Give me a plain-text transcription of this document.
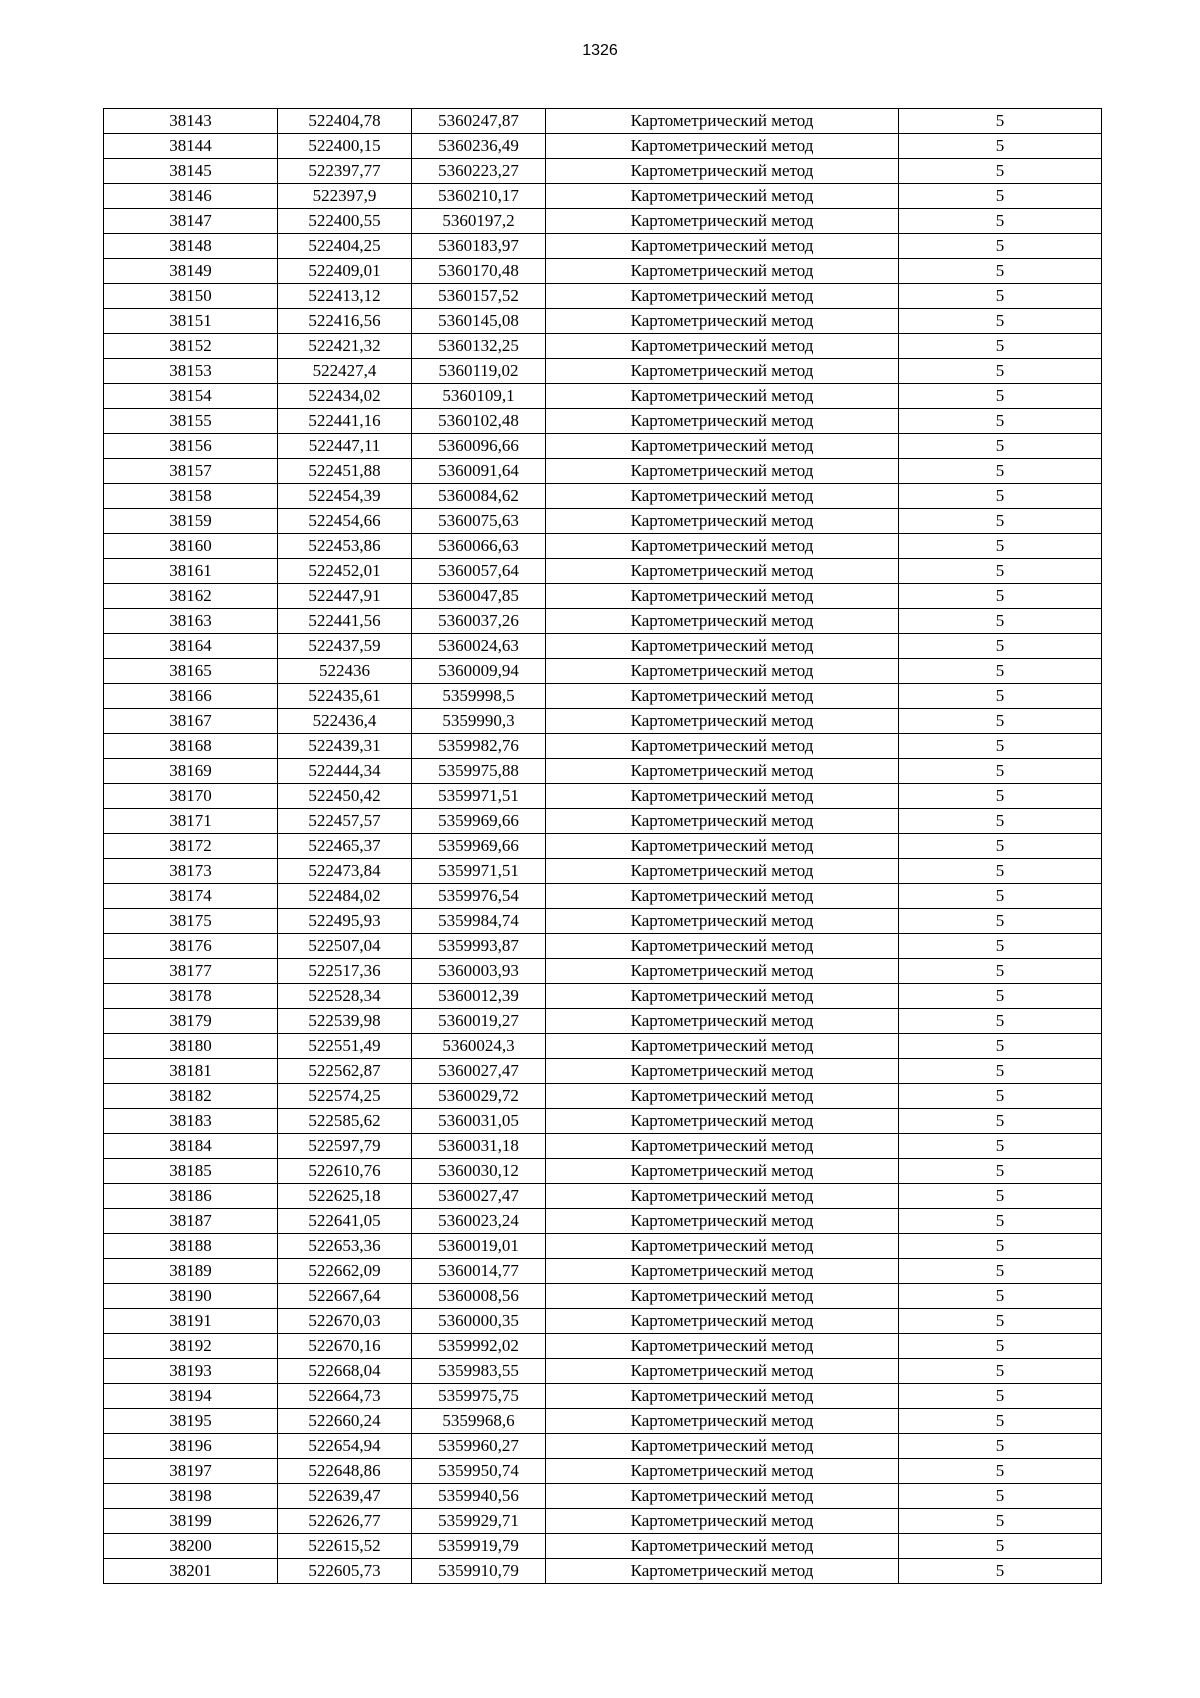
1326
38143	522404,78	5360247,87	Картометрический метод	5
38144	522400,15	5360236,49	Картометрический метод	5
38145	522397,77	5360223,27	Картометрический метод	5
38146	522397,9	5360210,17	Картометрический метод	5
38147	522400,55	5360197,2	Картометрический метод	5
38148	522404,25	5360183,97	Картометрический метод	5
38149	522409,01	5360170,48	Картометрический метод	5
38150	522413,12	5360157,52	Картометрический метод	5
38151	522416,56	5360145,08	Картометрический метод	5
38152	522421,32	5360132,25	Картометрический метод	5
38153	522427,4	5360119,02	Картометрический метод	5
38154	522434,02	5360109,1	Картометрический метод	5
38155	522441,16	5360102,48	Картометрический метод	5
38156	522447,11	5360096,66	Картометрический метод	5
38157	522451,88	5360091,64	Картометрический метод	5
38158	522454,39	5360084,62	Картометрический метод	5
38159	522454,66	5360075,63	Картометрический метод	5
38160	522453,86	5360066,63	Картометрический метод	5
38161	522452,01	5360057,64	Картометрический метод	5
38162	522447,91	5360047,85	Картометрический метод	5
38163	522441,56	5360037,26	Картометрический метод	5
38164	522437,59	5360024,63	Картометрический метод	5
38165	522436	5360009,94	Картометрический метод	5
38166	522435,61	5359998,5	Картометрический метод	5
38167	522436,4	5359990,3	Картометрический метод	5
38168	522439,31	5359982,76	Картометрический метод	5
38169	522444,34	5359975,88	Картометрический метод	5
38170	522450,42	5359971,51	Картометрический метод	5
38171	522457,57	5359969,66	Картометрический метод	5
38172	522465,37	5359969,66	Картометрический метод	5
38173	522473,84	5359971,51	Картометрический метод	5
38174	522484,02	5359976,54	Картометрический метод	5
38175	522495,93	5359984,74	Картометрический метод	5
38176	522507,04	5359993,87	Картометрический метод	5
38177	522517,36	5360003,93	Картометрический метод	5
38178	522528,34	5360012,39	Картометрический метод	5
38179	522539,98	5360019,27	Картометрический метод	5
38180	522551,49	5360024,3	Картометрический метод	5
38181	522562,87	5360027,47	Картометрический метод	5
38182	522574,25	5360029,72	Картометрический метод	5
38183	522585,62	5360031,05	Картометрический метод	5
38184	522597,79	5360031,18	Картометрический метод	5
38185	522610,76	5360030,12	Картометрический метод	5
38186	522625,18	5360027,47	Картометрический метод	5
38187	522641,05	5360023,24	Картометрический метод	5
38188	522653,36	5360019,01	Картометрический метод	5
38189	522662,09	5360014,77	Картометрический метод	5
38190	522667,64	5360008,56	Картометрический метод	5
38191	522670,03	5360000,35	Картометрический метод	5
38192	522670,16	5359992,02	Картометрический метод	5
38193	522668,04	5359983,55	Картометрический метод	5
38194	522664,73	5359975,75	Картометрический метод	5
38195	522660,24	5359968,6	Картометрический метод	5
38196	522654,94	5359960,27	Картометрический метод	5
38197	522648,86	5359950,74	Картометрический метод	5
38198	522639,47	5359940,56	Картометрический метод	5
38199	522626,77	5359929,71	Картометрический метод	5
38200	522615,52	5359919,79	Картометрический метод	5
38201	522605,73	5359910,79	Картометрический метод	5
